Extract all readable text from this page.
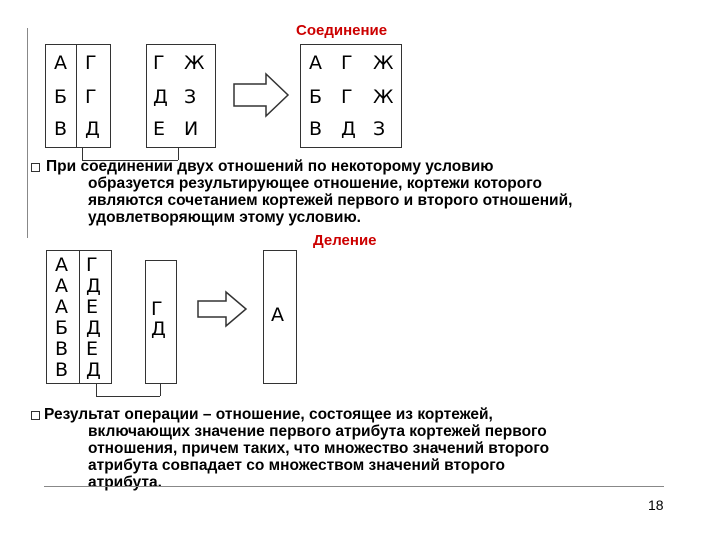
Соединение
А Г
Б Г
В Д
Г Ж
Д З
Е И
А Г Ж
Б Г Ж
В Д З
При соединении двух отношений по некоторому условию
образуется результирующее отношение, кортежи которого
являются сочетанием кортежей первого и второго отношений,
удовлетворяющим этому условию.
Деление
А
А
А
Б
В
В
Г
Д
Е
Д
Е
Д
Г
Д
А
Результат операции – отношение, состоящее из кортежей,
включающих значение первого атрибута кортежей первого
отношения, причем таких, что множество значений второго
атрибута совпадает со множеством значений второго
атрибута.
18
